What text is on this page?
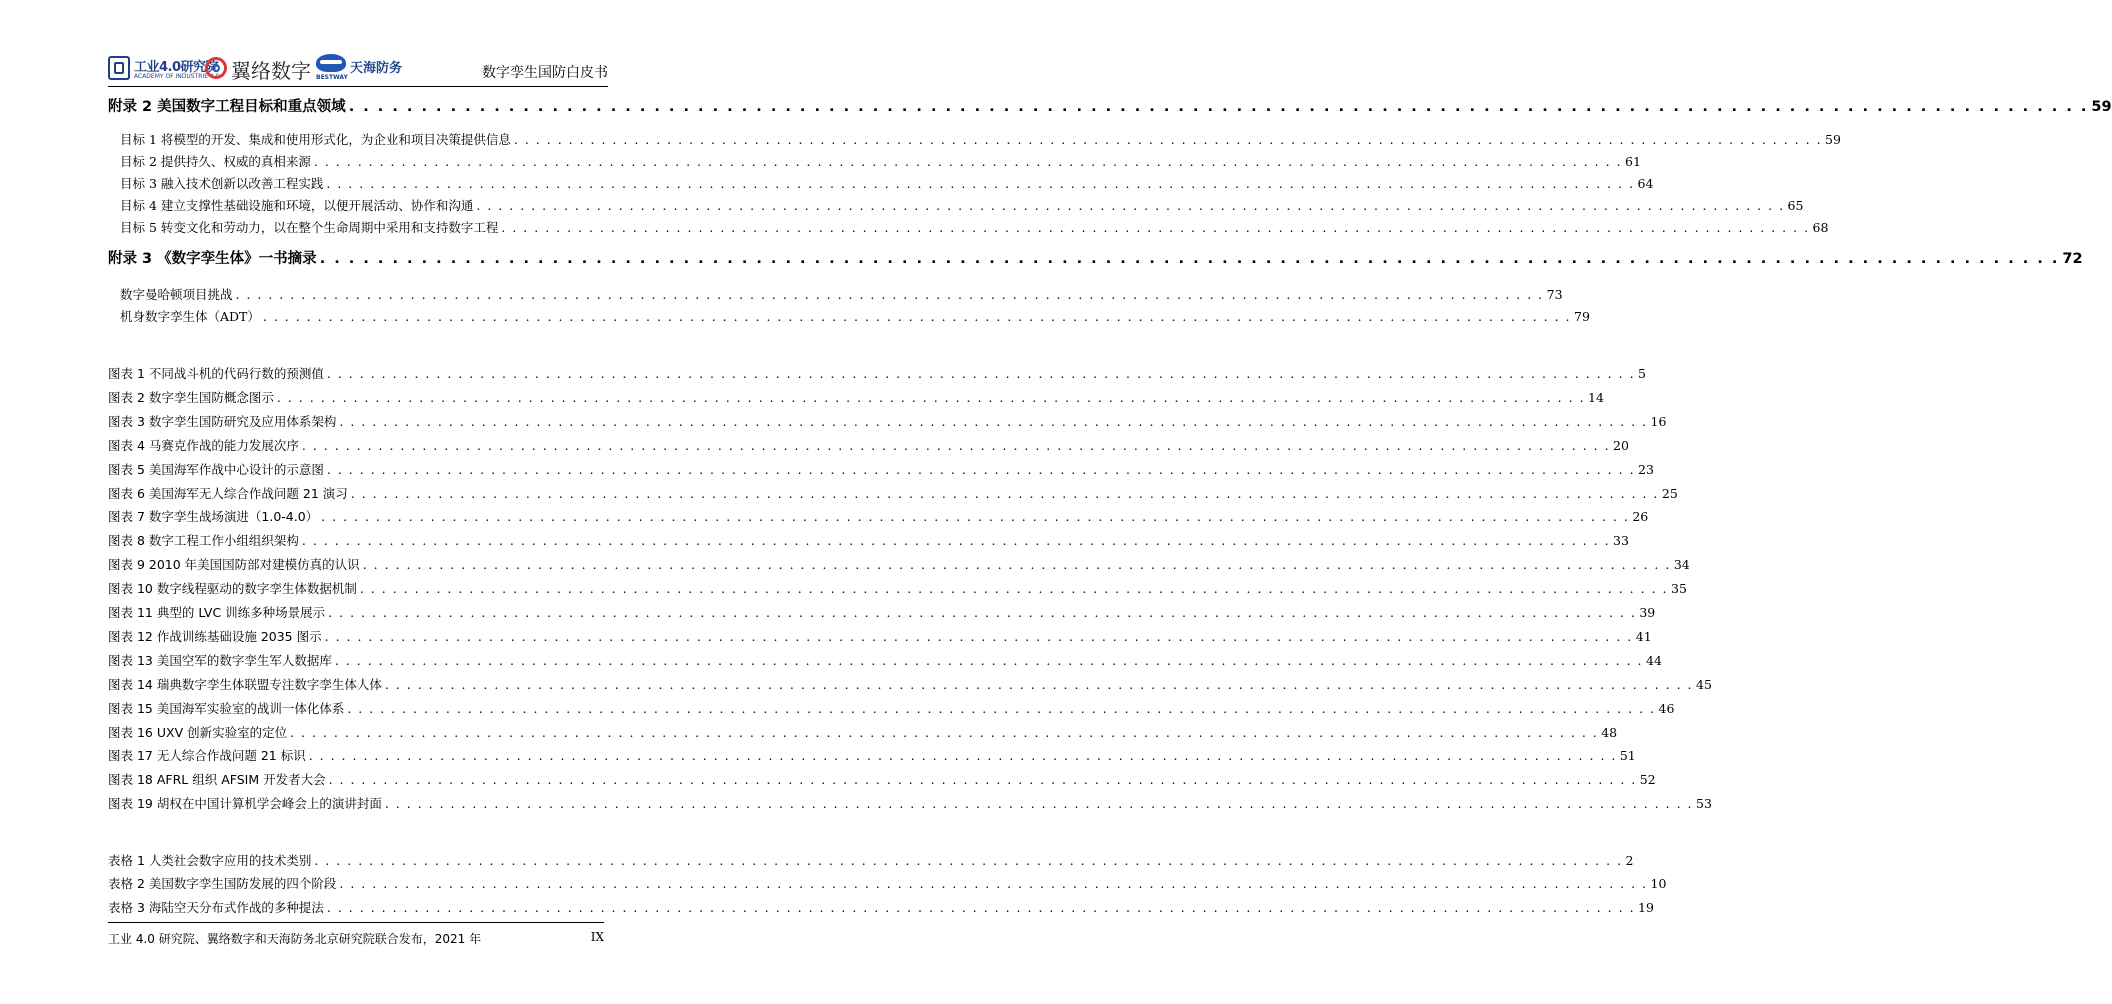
工业4.0研究院
ACADEMY OF INDUSTRIE 4.0 翼络数字 BESTWAY
天海防务	数字孪生国防白皮书
附录 2 美国数字工程目标和重点领域 . . . . . . . . . . . . . . . . . . . . . . . . . . . . . . . . . . . . . . . . . . . . . . . . . . . . . . . . . . . . . . . . . . . . . . . . . . . . . . . . . . . . . . . . . . . . . . . . . . . . . . . . . . . . . . . . . . . . . . . . 59
目标 1 将模型的开发、集成和使用形式化，为企业和项目决策提供信息 . . . . . . . . . . . . . . . . . . . . . . . . . . . . . . . . . . . . . . . . . . . . . . . . . . . . . . . . . . . . . . . . . . . . . . . . . . . . . . . . . . . . . . . . . . . . . . . . . . . . . . . . . . . . . . . . . . . . . . . . 59
目标 2 提供持久、权威的真相来源 . . . . . . . . . . . . . . . . . . . . . . . . . . . . . . . . . . . . . . . . . . . . . . . . . . . . . . . . . . . . . . . . . . . . . . . . . . . . . . . . . . . . . . . . . . . . . . . . . . . . . . . . . . . . . . . . . . . . . . . . 61
目标 3 融入技术创新以改善工程实践 . . . . . . . . . . . . . . . . . . . . . . . . . . . . . . . . . . . . . . . . . . . . . . . . . . . . . . . . . . . . . . . . . . . . . . . . . . . . . . . . . . . . . . . . . . . . . . . . . . . . . . . . . . . . . . . . . . . . . . . . 64
目标 4 建立支撑性基础设施和环境，以便开展活动、协作和沟通 . . . . . . . . . . . . . . . . . . . . . . . . . . . . . . . . . . . . . . . . . . . . . . . . . . . . . . . . . . . . . . . . . . . . . . . . . . . . . . . . . . . . . . . . . . . . . . . . . . . . . . . . . . . . . . . . . . . . . . . . 65
目标 5 转变文化和劳动力，以在整个生命周期中采用和支持数字工程 . . . . . . . . . . . . . . . . . . . . . . . . . . . . . . . . . . . . . . . . . . . . . . . . . . . . . . . . . . . . . . . . . . . . . . . . . . . . . . . . . . . . . . . . . . . . . . . . . . . . . . . . . . . . . . . . . . . . . . . . 68
附录 3 《数字孪生体》一书摘录 . . . . . . . . . . . . . . . . . . . . . . . . . . . . . . . . . . . . . . . . . . . . . . . . . . . . . . . . . . . . . . . . . . . . . . . . . . . . . . . . . . . . . . . . . . . . . . . . . . . . . . . . . . . . . . . . . . . . . . . . 72
数字曼哈顿项目挑战 . . . . . . . . . . . . . . . . . . . . . . . . . . . . . . . . . . . . . . . . . . . . . . . . . . . . . . . . . . . . . . . . . . . . . . . . . . . . . . . . . . . . . . . . . . . . . . . . . . . . . . . . . . . . . . . . . . . . . . . . 73
机身数字孪生体（ADT） . . . . . . . . . . . . . . . . . . . . . . . . . . . . . . . . . . . . . . . . . . . . . . . . . . . . . . . . . . . . . . . . . . . . . . . . . . . . . . . . . . . . . . . . . . . . . . . . . . . . . . . . . . . . . . . . . . . . . . . . 79
图表 1 不同战斗机的代码行数的预测值 . . . . . . . . . . . . . . . . . . . . . . . . . . . . . . . . . . . . . . . . . . . . . . . . . . . . . . . . . . . . . . . . . . . . . . . . . . . . . . . . . . . . . . . . . . . . . . . . . . . . . . . . . . . . . . . . . . . . . . . . 5
图表 2 数字孪生国防概念图示 . . . . . . . . . . . . . . . . . . . . . . . . . . . . . . . . . . . . . . . . . . . . . . . . . . . . . . . . . . . . . . . . . . . . . . . . . . . . . . . . . . . . . . . . . . . . . . . . . . . . . . . . . . . . . . . . . . . . . . . . 14
图表 3 数字孪生国防研究及应用体系架构 . . . . . . . . . . . . . . . . . . . . . . . . . . . . . . . . . . . . . . . . . . . . . . . . . . . . . . . . . . . . . . . . . . . . . . . . . . . . . . . . . . . . . . . . . . . . . . . . . . . . . . . . . . . . . . . . . . . . . . . . 16
图表 4 马赛克作战的能力发展次序 . . . . . . . . . . . . . . . . . . . . . . . . . . . . . . . . . . . . . . . . . . . . . . . . . . . . . . . . . . . . . . . . . . . . . . . . . . . . . . . . . . . . . . . . . . . . . . . . . . . . . . . . . . . . . . . . . . . . . . . . 20
图表 5 美国海军作战中心设计的示意图 . . . . . . . . . . . . . . . . . . . . . . . . . . . . . . . . . . . . . . . . . . . . . . . . . . . . . . . . . . . . . . . . . . . . . . . . . . . . . . . . . . . . . . . . . . . . . . . . . . . . . . . . . . . . . . . . . . . . . . . . 23
图表 6 美国海军无人综合作战问题 21 演习 . . . . . . . . . . . . . . . . . . . . . . . . . . . . . . . . . . . . . . . . . . . . . . . . . . . . . . . . . . . . . . . . . . . . . . . . . . . . . . . . . . . . . . . . . . . . . . . . . . . . . . . . . . . . . . . . . . . . . . . . 25
图表 7 数字孪生战场演进（1.0-4.0） . . . . . . . . . . . . . . . . . . . . . . . . . . . . . . . . . . . . . . . . . . . . . . . . . . . . . . . . . . . . . . . . . . . . . . . . . . . . . . . . . . . . . . . . . . . . . . . . . . . . . . . . . . . . . . . . . . . . . . . . 26
图表 8 数字工程工作小组组织架构 . . . . . . . . . . . . . . . . . . . . . . . . . . . . . . . . . . . . . . . . . . . . . . . . . . . . . . . . . . . . . . . . . . . . . . . . . . . . . . . . . . . . . . . . . . . . . . . . . . . . . . . . . . . . . . . . . . . . . . . . 33
图表 9 2010 年美国国防部对建模仿真的认识 . . . . . . . . . . . . . . . . . . . . . . . . . . . . . . . . . . . . . . . . . . . . . . . . . . . . . . . . . . . . . . . . . . . . . . . . . . . . . . . . . . . . . . . . . . . . . . . . . . . . . . . . . . . . . . . . . . . . . . . . 34
图表 10 数字线程驱动的数字孪生体数据机制 . . . . . . . . . . . . . . . . . . . . . . . . . . . . . . . . . . . . . . . . . . . . . . . . . . . . . . . . . . . . . . . . . . . . . . . . . . . . . . . . . . . . . . . . . . . . . . . . . . . . . . . . . . . . . . . . . . . . . . . . 35
图表 11 典型的 LVC 训练多种场景展示 . . . . . . . . . . . . . . . . . . . . . . . . . . . . . . . . . . . . . . . . . . . . . . . . . . . . . . . . . . . . . . . . . . . . . . . . . . . . . . . . . . . . . . . . . . . . . . . . . . . . . . . . . . . . . . . . . . . . . . . . 39
图表 12 作战训练基础设施 2035 图示 . . . . . . . . . . . . . . . . . . . . . . . . . . . . . . . . . . . . . . . . . . . . . . . . . . . . . . . . . . . . . . . . . . . . . . . . . . . . . . . . . . . . . . . . . . . . . . . . . . . . . . . . . . . . . . . . . . . . . . . . 41
图表 13 美国空军的数字孪生军人数据库 . . . . . . . . . . . . . . . . . . . . . . . . . . . . . . . . . . . . . . . . . . . . . . . . . . . . . . . . . . . . . . . . . . . . . . . . . . . . . . . . . . . . . . . . . . . . . . . . . . . . . . . . . . . . . . . . . . . . . . . . 44
图表 14 瑞典数字孪生体联盟专注数字孪生体人体 . . . . . . . . . . . . . . . . . . . . . . . . . . . . . . . . . . . . . . . . . . . . . . . . . . . . . . . . . . . . . . . . . . . . . . . . . . . . . . . . . . . . . . . . . . . . . . . . . . . . . . . . . . . . . . . . . . . . . . . . 45
图表 15 美国海军实验室的战训一体化体系 . . . . . . . . . . . . . . . . . . . . . . . . . . . . . . . . . . . . . . . . . . . . . . . . . . . . . . . . . . . . . . . . . . . . . . . . . . . . . . . . . . . . . . . . . . . . . . . . . . . . . . . . . . . . . . . . . . . . . . . . 46
图表 16 UXV 创新实验室的定位 . . . . . . . . . . . . . . . . . . . . . . . . . . . . . . . . . . . . . . . . . . . . . . . . . . . . . . . . . . . . . . . . . . . . . . . . . . . . . . . . . . . . . . . . . . . . . . . . . . . . . . . . . . . . . . . . . . . . . . . . 48
图表 17 无人综合作战问题 21 标识 . . . . . . . . . . . . . . . . . . . . . . . . . . . . . . . . . . . . . . . . . . . . . . . . . . . . . . . . . . . . . . . . . . . . . . . . . . . . . . . . . . . . . . . . . . . . . . . . . . . . . . . . . . . . . . . . . . . . . . . . 51
图表 18 AFRL 组织 AFSIM 开发者大会 . . . . . . . . . . . . . . . . . . . . . . . . . . . . . . . . . . . . . . . . . . . . . . . . . . . . . . . . . . . . . . . . . . . . . . . . . . . . . . . . . . . . . . . . . . . . . . . . . . . . . . . . . . . . . . . . . . . . . . . . 52
图表 19 胡权在中国计算机学会峰会上的演讲封面 . . . . . . . . . . . . . . . . . . . . . . . . . . . . . . . . . . . . . . . . . . . . . . . . . . . . . . . . . . . . . . . . . . . . . . . . . . . . . . . . . . . . . . . . . . . . . . . . . . . . . . . . . . . . . . . . . . . . . . . . 53
表格 1 人类社会数字应用的技术类别 . . . . . . . . . . . . . . . . . . . . . . . . . . . . . . . . . . . . . . . . . . . . . . . . . . . . . . . . . . . . . . . . . . . . . . . . . . . . . . . . . . . . . . . . . . . . . . . . . . . . . . . . . . . . . . . . . . . . . . . . 2
表格 2 美国数字孪生国防发展的四个阶段 . . . . . . . . . . . . . . . . . . . . . . . . . . . . . . . . . . . . . . . . . . . . . . . . . . . . . . . . . . . . . . . . . . . . . . . . . . . . . . . . . . . . . . . . . . . . . . . . . . . . . . . . . . . . . . . . . . . . . . . . 10
表格 3 海陆空天分布式作战的多种提法 . . . . . . . . . . . . . . . . . . . . . . . . . . . . . . . . . . . . . . . . . . . . . . . . . . . . . . . . . . . . . . . . . . . . . . . . . . . . . . . . . . . . . . . . . . . . . . . . . . . . . . . . . . . . . . . . . . . . . . . . 19
工业 4.0 研究院、翼络数字和天海防务北京研究院联合发布，2021 年	IX
